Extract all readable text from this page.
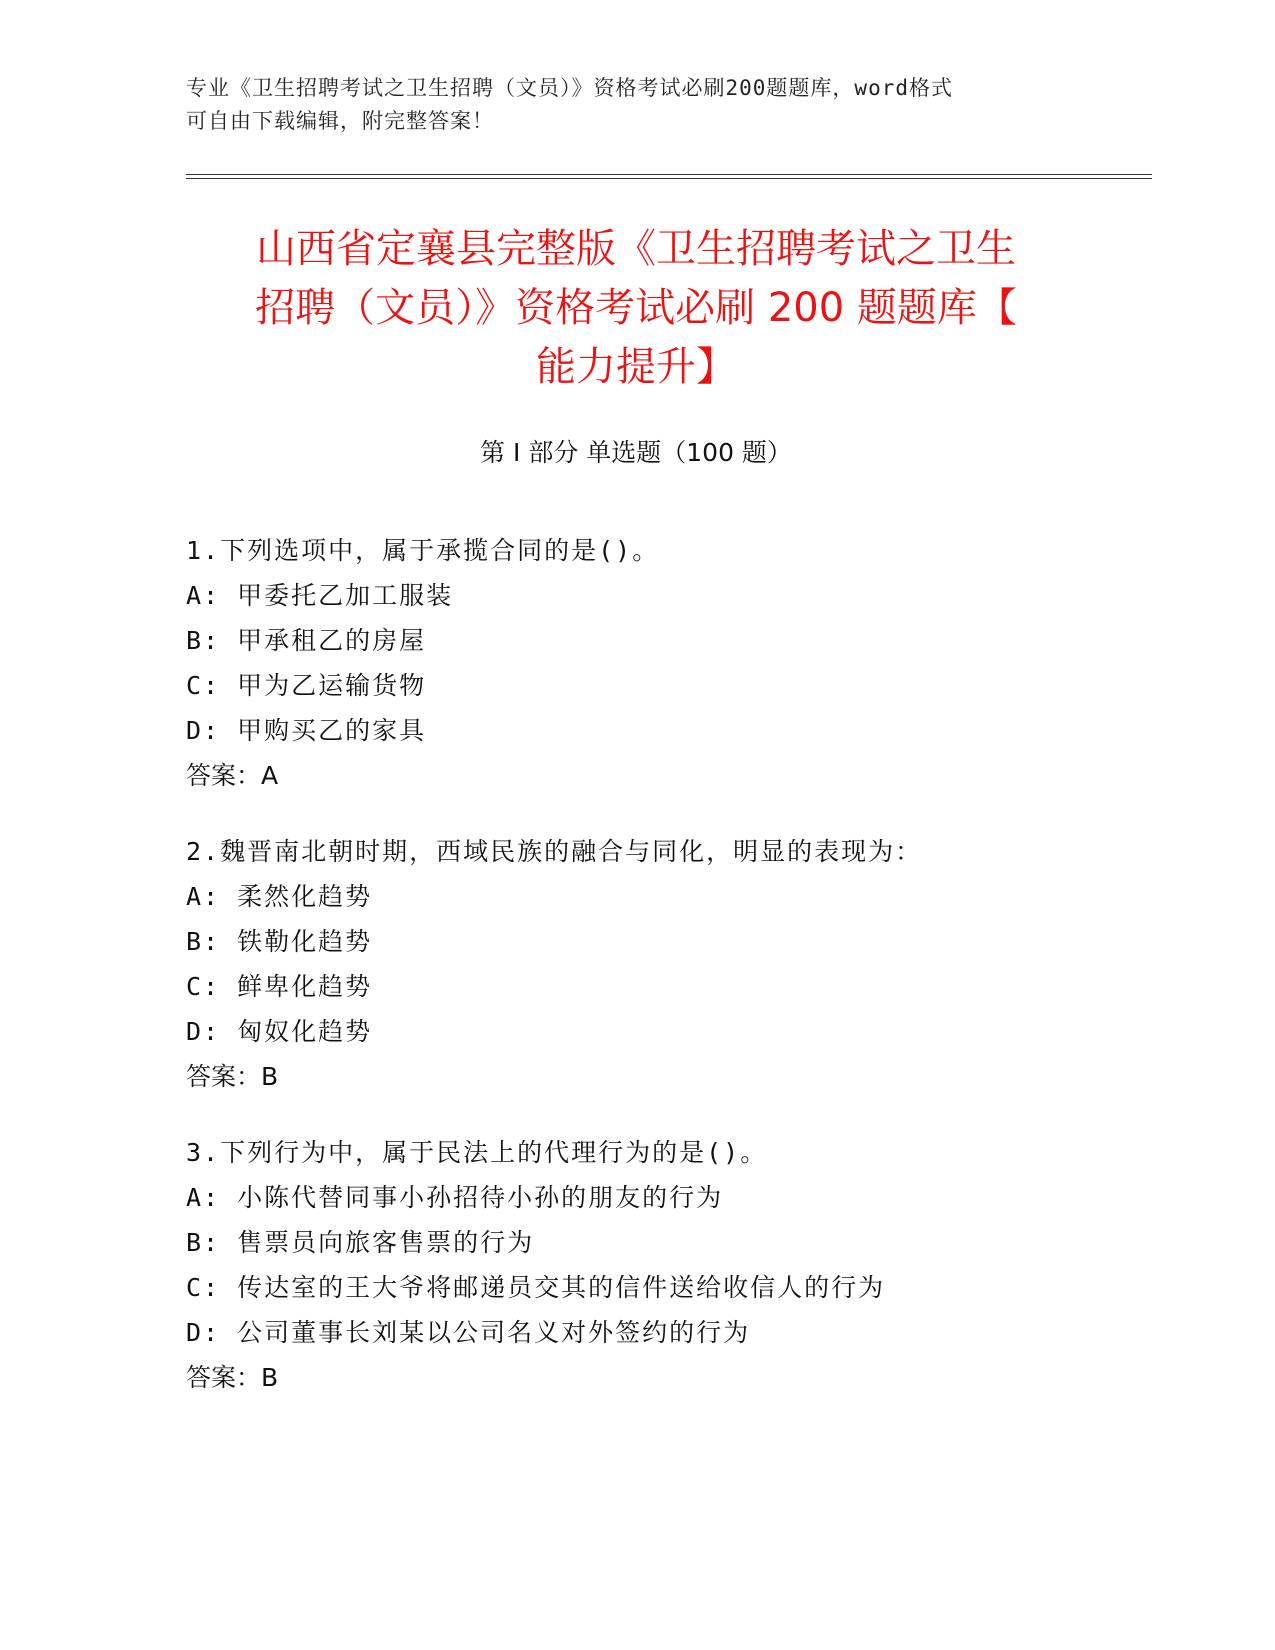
专业《卫生招聘考试之卫生招聘（文员）》资格考试必刷200题题库，word格式
可自由下载编辑，附完整答案！
山西省定襄县完整版《卫生招聘考试之卫生
招聘（文员）》资格考试必刷 200 题题库【
能力提升】
第 I 部分 单选题（100 题）
1.下列选项中，属于承揽合同的是()。
A: 甲委托乙加工服装
B: 甲承租乙的房屋
C: 甲为乙运输货物
D: 甲购买乙的家具
答案：A
2.魏晋南北朝时期，西域民族的融合与同化，明显的表现为：
A: 柔然化趋势
B: 铁勒化趋势
C: 鲜卑化趋势
D: 匈奴化趋势
答案：B
3.下列行为中，属于民法上的代理行为的是()。
A: 小陈代替同事小孙招待小孙的朋友的行为
B: 售票员向旅客售票的行为
C: 传达室的王大爷将邮递员交其的信件送给收信人的行为
D: 公司董事长刘某以公司名义对外签约的行为
答案：B
